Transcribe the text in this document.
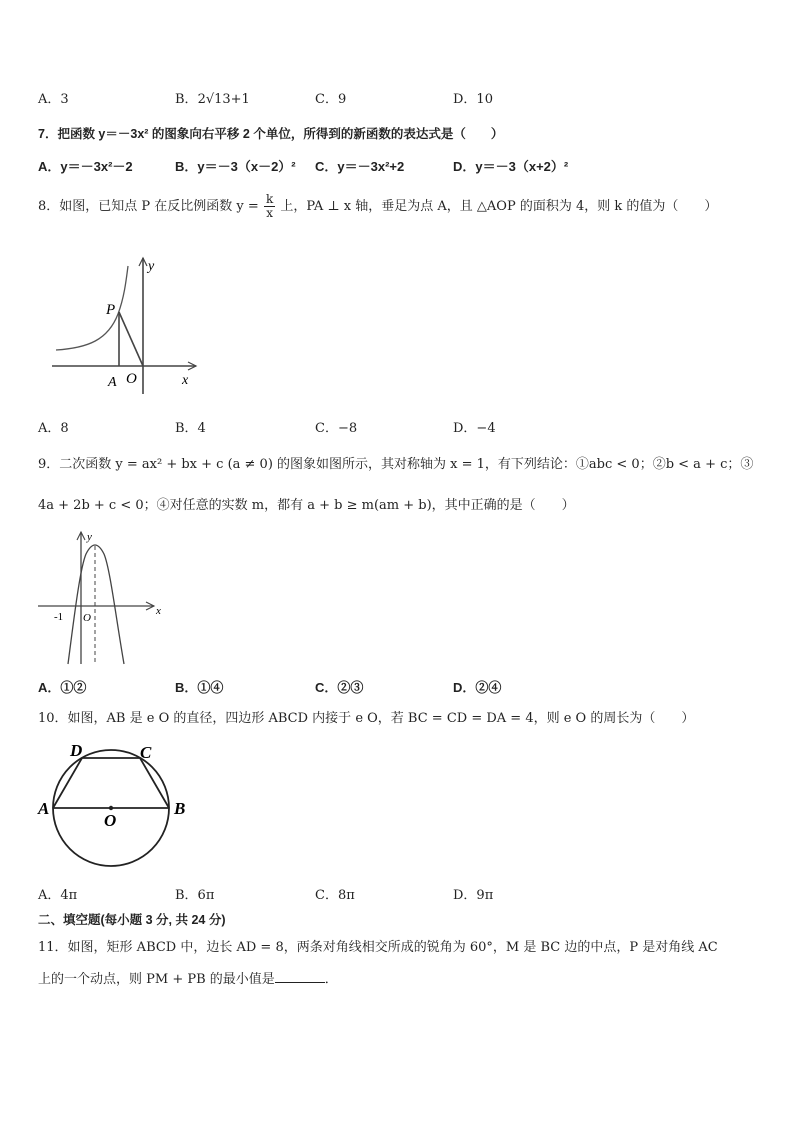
A．3	B．2√13+1	C．9	D．10
7．把函数 y＝－3x² 的图象向右平移 2 个单位，所得到的新函数的表达式是（　　）
A．y＝－3x²－2	B．y＝－3（x－2）² C．y＝－3x²+2	D．y＝－3（x+2）²
8．如图，已知点 P 在反比例函数 $y = \frac{k}{x}$ 上，PA ⊥ x 轴，垂足为点 A，且 △AOP 的面积为 4，则 k 的值为（　　）
y
x
P
A O
A．8	B．4	C．−8	D．−4
9．二次函数 y = ax² + bx + c (a ≠ 0) 的图象如图所示，其对称轴为 x = 1，有下列结论：①abc < 0；②b < a + c；③
4a + 2b + c < 0；④对任意的实数 m，都有 a + b ≥ m(am + b)，其中正确的是（　　）
y
x
-1 O
A．①②	B．①④	C．②③	D．②④
10．如图，AB 是 e O 的直径，四边形 ABCD 内接于 e O，若 BC = CD = DA = 4，则 e O 的周长为（　　）
D	C
A	B
O
A．4π	B．6π	C．8π	D．9π
二、填空题(每小题 3 分, 共 24 分)
11．如图，矩形 ABCD 中，边长 AD = 8，两条对角线相交所成的锐角为 60°，M 是 BC 边的中点，P 是对角线 AC
上的一个动点，则 PM + PB 的最小值是	．
